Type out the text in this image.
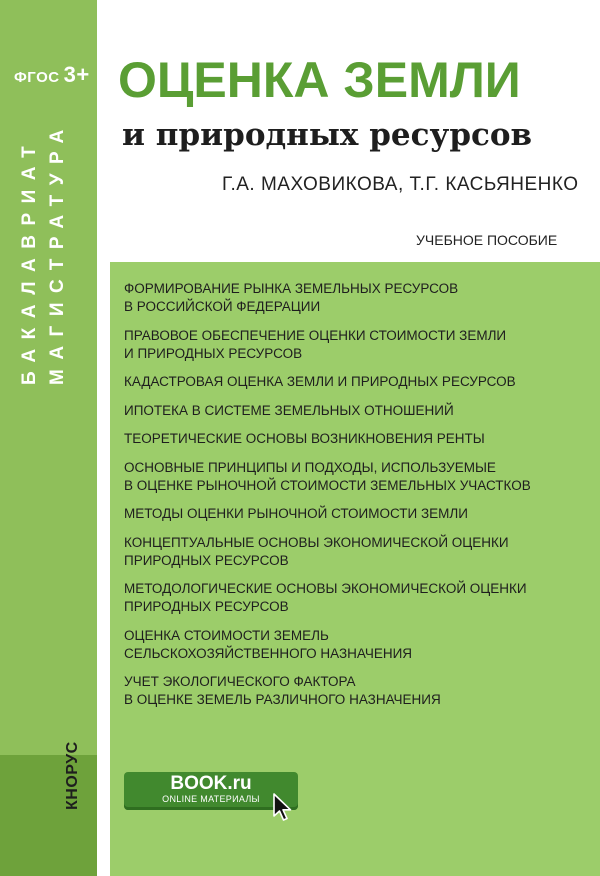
ФГОС 3+
БАКАЛАВРИАТ МАГИСТРАТУРА
КНОРУС
ОЦЕНКА ЗЕМЛИ
и природных ресурсов
Г.А. МАХОВИКОВА, Т.Г. КАСЬЯНЕНКО
УЧЕБНОЕ ПОСОБИЕ
ФОРМИРОВАНИЕ РЫНКА ЗЕМЕЛЬНЫХ РЕСУРСОВ
В РОССИЙСКОЙ ФЕДЕРАЦИИ
ПРАВОВОЕ ОБЕСПЕЧЕНИЕ ОЦЕНКИ СТОИМОСТИ ЗЕМЛИ
И ПРИРОДНЫХ РЕСУРСОВ
КАДАСТРОВАЯ ОЦЕНКА ЗЕМЛИ И ПРИРОДНЫХ РЕСУРСОВ
ИПОТЕКА В СИСТЕМЕ ЗЕМЕЛЬНЫХ ОТНОШЕНИЙ
ТЕОРЕТИЧЕСКИЕ ОСНОВЫ ВОЗНИКНОВЕНИЯ РЕНТЫ
ОСНОВНЫЕ ПРИНЦИПЫ И ПОДХОДЫ, ИСПОЛЬЗУЕМЫЕ
В ОЦЕНКЕ РЫНОЧНОЙ СТОИМОСТИ ЗЕМЕЛЬНЫХ УЧАСТКОВ
МЕТОДЫ ОЦЕНКИ РЫНОЧНОЙ СТОИМОСТИ ЗЕМЛИ
КОНЦЕПТУАЛЬНЫЕ ОСНОВЫ ЭКОНОМИЧЕСКОЙ ОЦЕНКИ
ПРИРОДНЫХ РЕСУРСОВ
МЕТОДОЛОГИЧЕСКИЕ ОСНОВЫ ЭКОНОМИЧЕСКОЙ ОЦЕНКИ
ПРИРОДНЫХ РЕСУРСОВ
ОЦЕНКА СТОИМОСТИ ЗЕМЕЛЬ
СЕЛЬСКОХОЗЯЙСТВЕННОГО НАЗНАЧЕНИЯ
УЧЕТ ЭКОЛОГИЧЕСКОГО ФАКТОРА
В ОЦЕНКЕ ЗЕМЕЛЬ РАЗЛИЧНОГО НАЗНАЧЕНИЯ
BOOK.ru
ONLINE МАТЕРИАЛЫ
